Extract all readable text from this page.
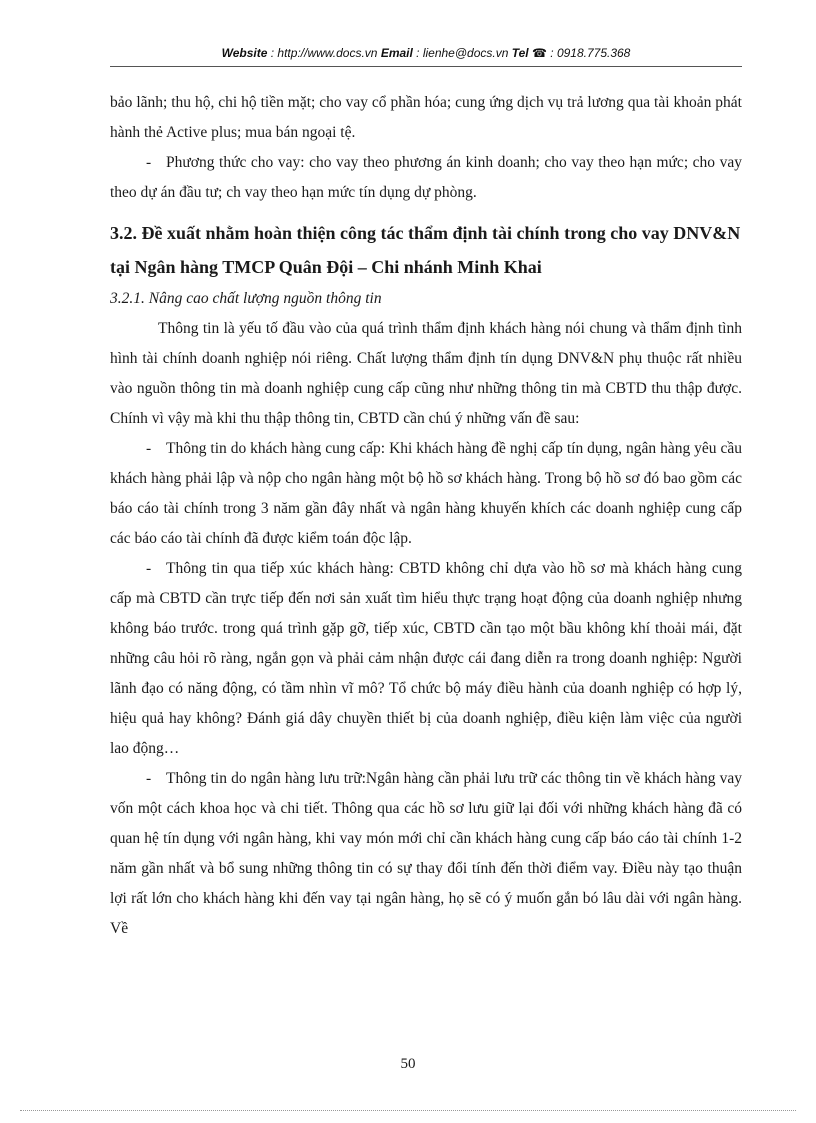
Website : http://www.docs.vn Email : lienhe@docs.vn Tel ☎ : 0918.775.368

bảo lãnh; thu hộ, chi hộ tiền mặt; cho vay cổ phần hóa; cung ứng dịch vụ trả lương qua tài khoản phát hành thẻ Active plus; mua bán ngoại tệ.

- Phương thức cho vay: cho vay theo phương án kinh doanh; cho vay theo hạn mức; cho vay theo dự án đầu tư; ch vay theo hạn mức tín dụng dự phòng.

3.2. Đề xuất nhằm hoàn thiện công tác thẩm định tài chính trong cho vay DNV&N tại Ngân hàng TMCP Quân Đội – Chi nhánh Minh Khai

3.2.1. Nâng cao chất lượng nguồn thông tin

Thông tin là yếu tố đầu vào của quá trình thẩm định khách hàng nói chung và thẩm định tình hình tài chính doanh nghiệp nói riêng. Chất lượng thẩm định tín dụng DNV&N phụ thuộc rất nhiều vào nguồn thông tin mà doanh nghiệp cung cấp cũng như những thông tin mà CBTD thu thập được. Chính vì vậy mà khi thu thập thông tin, CBTD cần chú ý những vấn đề sau:

- Thông tin do khách hàng cung cấp: Khi khách hàng đề nghị cấp tín dụng, ngân hàng yêu cầu khách hàng phải lập và nộp cho ngân hàng một bộ hồ sơ khách hàng. Trong bộ hồ sơ đó bao gồm các báo cáo tài chính trong 3 năm gần đây nhất và ngân hàng khuyến khích các doanh nghiệp cung cấp các báo cáo tài chính đã được kiểm toán độc lập.

- Thông tin qua tiếp xúc khách hàng: CBTD không chỉ dựa vào hồ sơ mà khách hàng cung cấp mà CBTD cần trực tiếp đến nơi sản xuất tìm hiểu thực trạng hoạt động của doanh nghiệp nhưng không báo trước. trong quá trình gặp gỡ, tiếp xúc, CBTD cần tạo một bầu không khí thoải mái, đặt những câu hỏi rõ ràng, ngắn gọn và phải cảm nhận được cái đang diễn ra trong doanh nghiệp: Người lãnh đạo có năng động, có tầm nhìn vĩ mô? Tổ chức bộ máy điều hành của doanh nghiệp có hợp lý, hiệu quả hay không? Đánh giá dây chuyền thiết bị của doanh nghiệp, điều kiện làm việc của người lao động…

- Thông tin do ngân hàng lưu trữ:Ngân hàng cần phải lưu trữ các thông tin về khách hàng vay vốn một cách khoa học và chi tiết. Thông qua các hồ sơ lưu giữ lại đối với những khách hàng đã có quan hệ tín dụng với ngân hàng, khi vay món mới chỉ cần khách hàng cung cấp báo cáo tài chính 1-2 năm gần nhất và bổ sung những thông tin có sự thay đổi tính đến thời điểm vay. Điều này tạo thuận lợi rất lớn cho khách hàng khi đến vay tại ngân hàng, họ sẽ có ý muốn gắn bó lâu dài với ngân hàng. Về

50
